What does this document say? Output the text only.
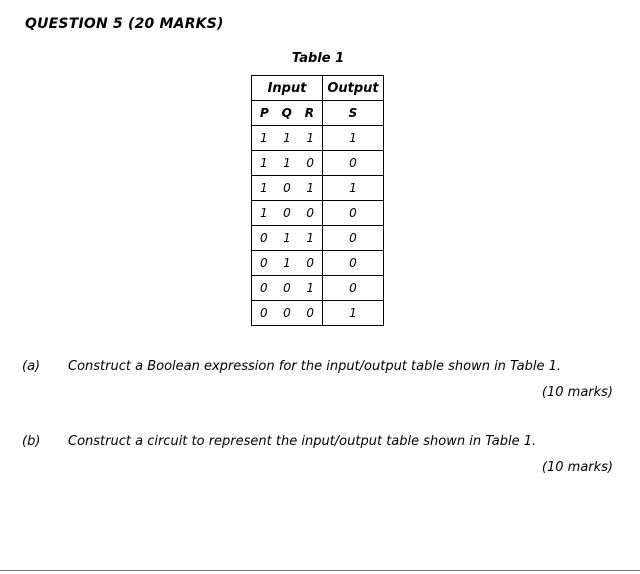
QUESTION 5 (20 MARKS)
Table 1
Input	Output

P Q R	S

1 1 1	1

1 1 0	0

1 0 1	1

1 0 0	0

0 1 1	0

0 1 0	0

0 0 1	0

0 0 0	1
(a) Construct a Boolean expression for the input/output table shown in Table 1.
(10 marks)
(b) Construct a circuit to represent the input/output table shown in Table 1.
(10 marks)
